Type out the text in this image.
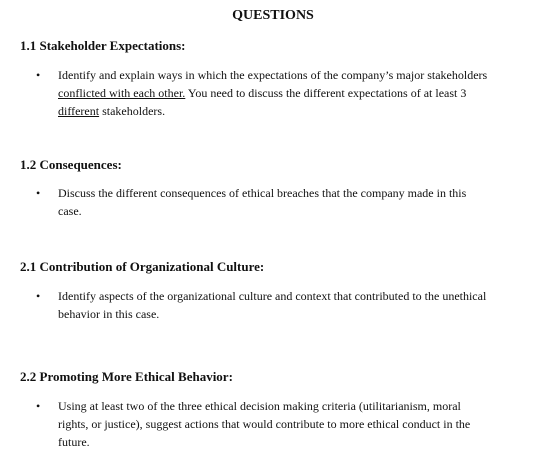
QUESTIONS
1.1 Stakeholder Expectations:
• Identify and explain ways in which the expectations of the company’s major stakeholders
conflicted with each other. You need to discuss the different expectations of at least 3
different stakeholders.
1.2 Consequences:
• Discuss the different consequences of ethical breaches that the company made in this
case.
2.1 Contribution of Organizational Culture:
• Identify aspects of the organizational culture and context that contributed to the unethical
behavior in this case.
2.2 Promoting More Ethical Behavior:
• Using at least two of the three ethical decision making criteria (utilitarianism, moral
rights, or justice), suggest actions that would contribute to more ethical conduct in the
future.
